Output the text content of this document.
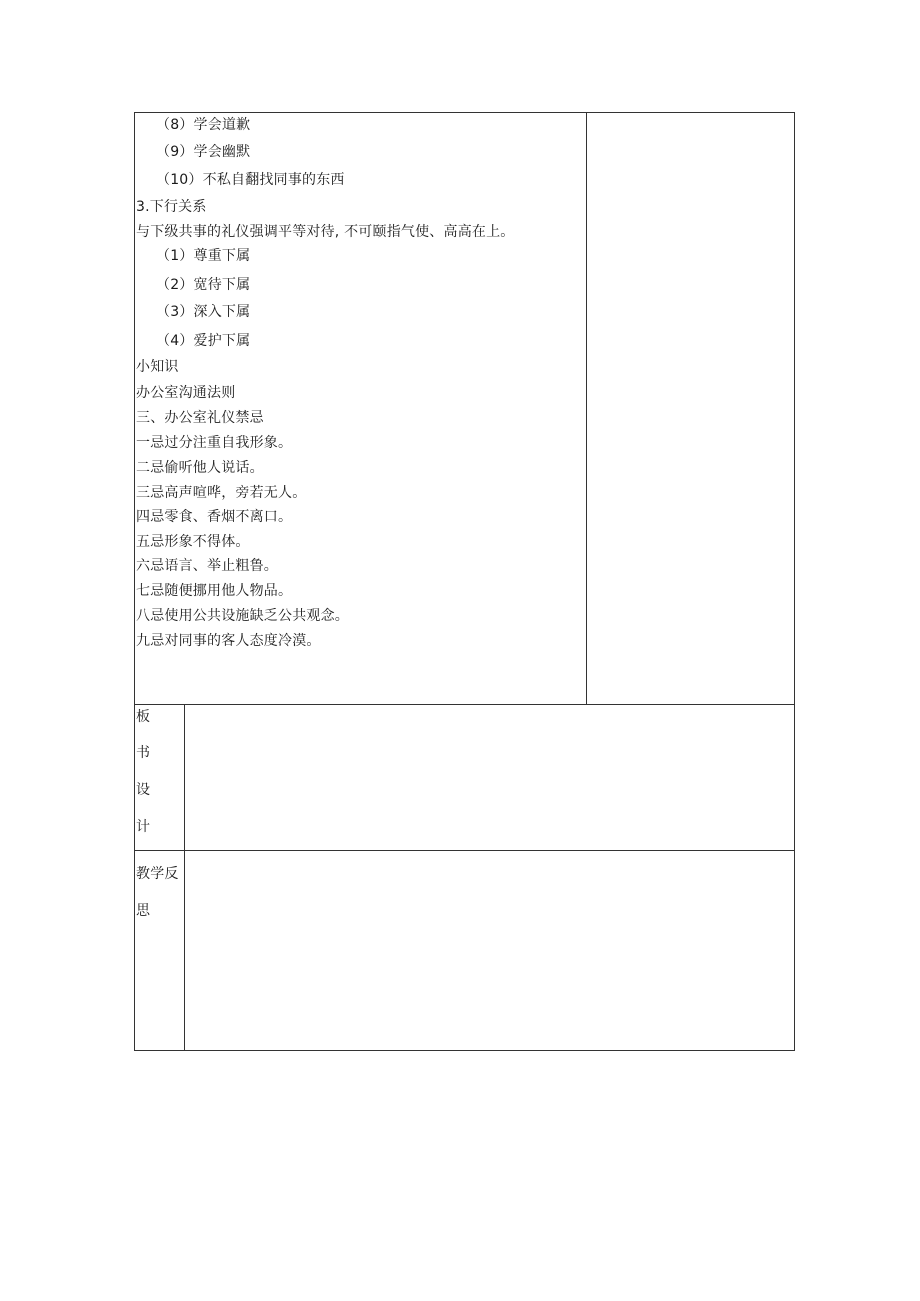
（8）学会道歉
（9）学会幽默
（10）不私自翻找同事的东西
3.下行关系
与下级共事的礼仪强调平等对待, 不可颐指气使、高高在上。
（1）尊重下属
（2）宽待下属
（3）深入下属
（4）爱护下属
小知识
办公室沟通法则
三、办公室礼仪禁忌
一忌过分注重自我形象。
二忌偷听他人说话。
三忌高声喧哗，旁若无人。
四忌零食、香烟不离口。
五忌形象不得体。
六忌语言、举止粗鲁。
七忌随便挪用他人物品。
八忌使用公共设施缺乏公共观念。
九忌对同事的客人态度冷漠。
板
书
设
计
教学反
思
